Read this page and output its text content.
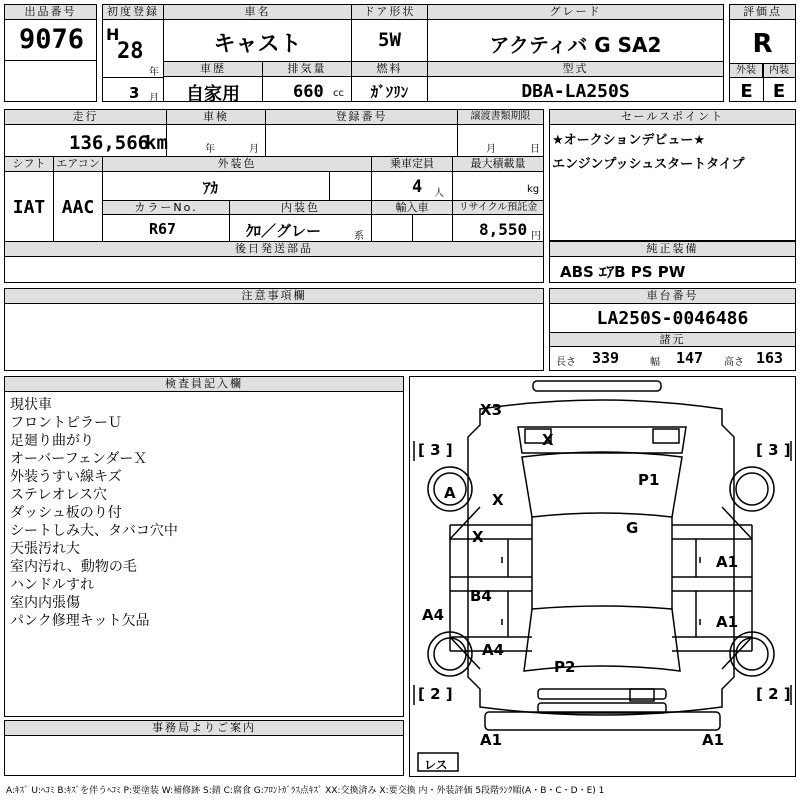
出品番号
9076
初度登録
H
28
年
3 月
車名
キャスト
ドア形状
5W
グレード
アクティバ G SA2
評価点
R
外装	内装
E	E
車歴
自家用
排気量
660 cc
燃料
ｶﾞｿﾘﾝ
型式
DBA-LA250S
走行
136,566
km
車検
年	月
登録番号	譲渡書類期限
月	日
セールスポイント
★オークションデビュー★
エンジンプッシュスタートタイプ
シフト
IAT
エアコン
AAC
外装色
ｱｶ
乗車定員
4 人
最大積載量
kg
カラーNo.
R67
内装色
ｸﾛ／グレー	系
輸入車	リサイクル預託金
8,550 円
後日発送部品	純正装備
ABS ｴｱB PS PW
注意事項欄	車台番号
LA250S-0046486
諸元
長さ 339	幅 147 高さ 163
検査員記入欄
現状車
フロントピラーＵ
足廻り曲がり
オーバーフェンダーＸ
外装うすい線キズ
ステレオレス穴
ダッシュ板のり付
シートしみ大、タバコ穴中
天張汚れ大
室内汚れ、動物の毛
ハンドルすれ
室内内張傷
パンク修理キット欠品
事務局よりご案内
[ 3 ]	[ 3 ]
[ 2 ]	[ 2 ]
レス
X3
X
P1
A X
G
X
A1
B4
A1
A4
A4
P2
A1	A1
A:ｷｽﾞ U:ﾍｺﾐ B:ｷｽﾞを伴うﾍｺﾐ P:要塗装 W:補修跡 S:錆 C:腐食 G:ﾌﾛﾝﾄｶﾞﾗｽ点ｷｽﾞ XX:交換済み X:要交換 内・外装評価 5段階ﾗﾝｸ順(A・B・C・D・E) 1
